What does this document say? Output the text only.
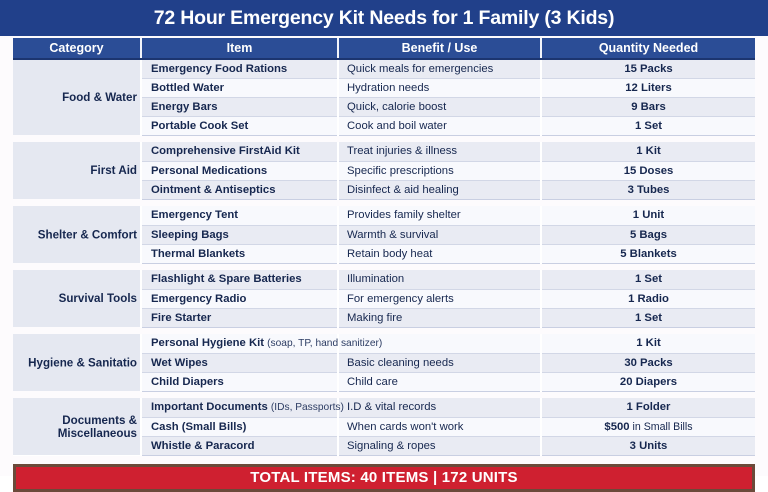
72 Hour Emergency Kit Needs for 1 Family (3 Kids)
Category	Item	Benefit / Use	Quantity Needed
Food & Water	Emergency Food Rations	Quick meals for emergencies	15 Packs
	Bottled Water	Hydration needs	12 Liters
	Energy Bars	Quick, calorie boost	9 Bars
	Portable Cook Set	Cook and boil water	1 Set

First Aid	Comprehensive FirstAid Kit	Treat injuries & illness	1 Kit
	Personal Medications	Specific prescriptions	15 Doses
	Ointment & Antiseptics	Disinfect & aid healing	3 Tubes

Shelter & Comfort	Emergency Tent	Provides family shelter	1 Unit
	Sleeping Bags	Warmth & survival	5 Bags
	Thermal Blankets	Retain body heat	5 Blankets

Survival Tools	Flashlight & Spare Batteries	Illumination	1 Set
	Emergency Radio	For emergency alerts	1 Radio
	Fire Starter	Making fire	1 Set

Hygiene & Sanitatio	Personal Hygiene Kit (soap, TP, hand sanitizer)		1 Kit
	Wet Wipes	Basic cleaning needs	30 Packs
	Child Diapers	Child care	20 Diapers

Documents &
Miscellaneous	Important Documents (IDs, Passports)	I.D & vital records	1 Folder
	Cash (Small Bills)	When cards won't work	$500 in Small Bills
	Whistle & Paracord	Signaling & ropes	3 Units
TOTAL ITEMS: 40 ITEMS | 172 UNITS
